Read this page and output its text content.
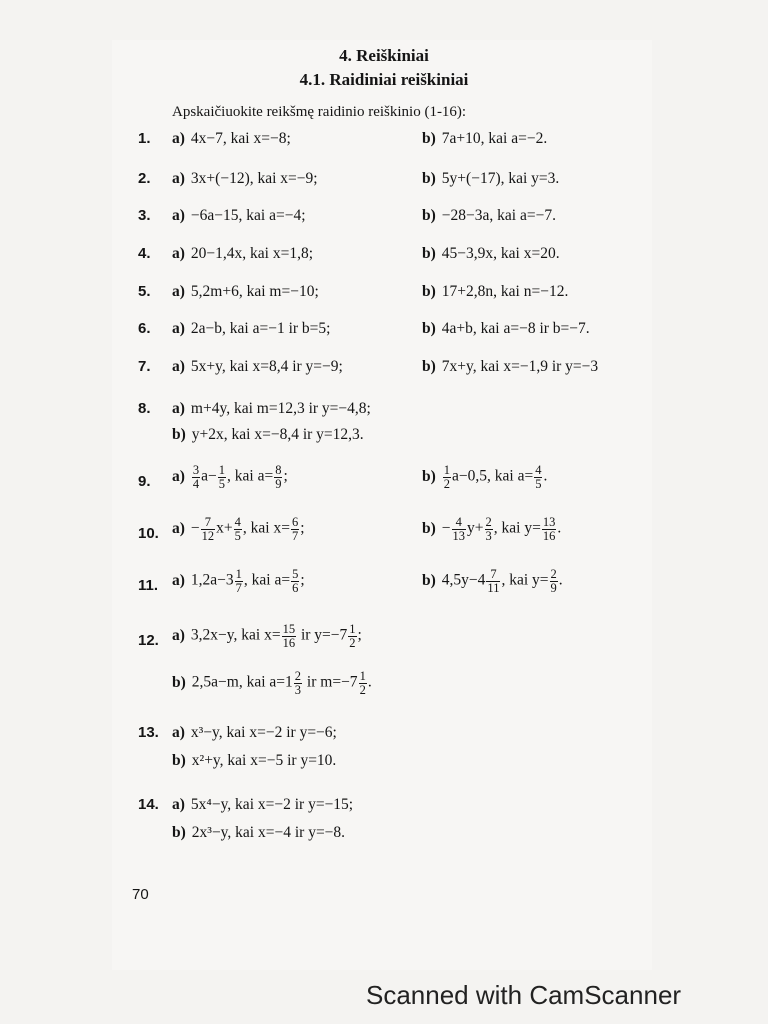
4. Reiškiniai
4.1. Raidiniai reiškiniai
Apskaičiuokite reikšmę raidinio reiškinio (1-16):
1. a) 4x−7, kai x=−8;	b) 7a+10, kai a=−2.
2. a) 3x+(−12), kai x=−9;	b) 5y+(−17), kai y=3.
3. a) −6a−15, kai a=−4;	b) −28−3a, kai a=−7.
4. a) 20−1,4x, kai x=1,8;	b) 45−3,9x, kai x=20.
5. a) 5,2m+6, kai m=−10;	b) 17+2,8n, kai n=−12.
6. a) 2a−b, kai a=−1 ir b=5;	b) 4a+b, kai a=−8 ir b=−7.
7. a) 5x+y, kai x=8,4 ir y=−9;	b) 7x+y, kai x=−1,9 ir y=−3
8. a) m+4y, kai m=12,3 ir y=−4,8;
b) y+2x, kai x=−8,4 ir y=12,3.
9. $a) \frac{3}{4} a- \frac{1}{5}$ , kai $a= \frac{8}{9}$ ;	$b) \frac{1}{2} a-0,5$, kai $a= \frac{4}{5}$ .
10. $a) - \frac{7}{12} x+ \frac{4}{5}$ , kai $x= \frac{6}{7}$ ;	$b) - \frac{4}{13} y+ \frac{2}{3}$ , kai $y= \frac{13}{16}$ .
11. a) $1,2a-3 \frac{1}{7}$ , kai $a= \frac{5}{6}$ ;	b) $4,5y-4 \frac{7}{11}$ , kai $y= \frac{2}{9}$ .
12. a) 3,2x−y, kai $x= \frac{15}{16}$ ir $y=-7 \frac{1}{2}$ ;
b) 2,5a−m, kai $a=1 \frac{2}{3}$ ir $m=-7 \frac{1}{2}$ .
13. a) x³−y, kai x=−2 ir y=−6;
b) x²+y, kai x=−5 ir y=10.
14. a) 5x⁴−y, kai x=−2 ir y=−15;
b) 2x³−y, kai x=−4 ir y=−8.
70
Scanned with CamScanner
